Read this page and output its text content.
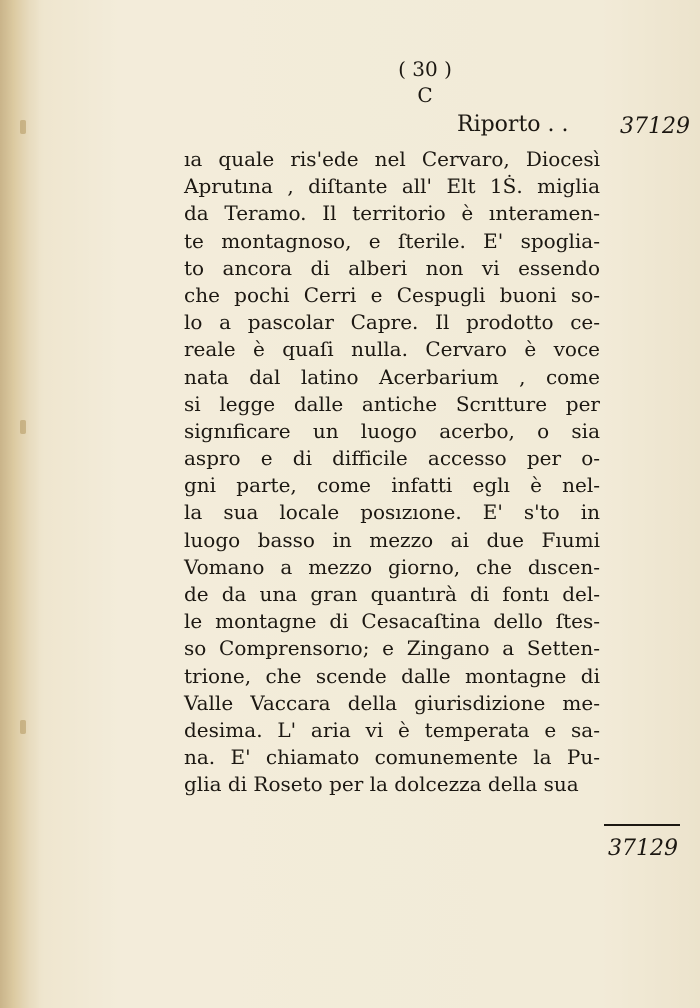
( 30 )
C
Riporto . . 37129
ıa quale ris'ede nel Cervaro, Diocesì
Aprutına , diſtante all' Elt 1Ṡ. miglia
da Teramo. Il territorio è ınteramen-
te montagnoso, e ſterile. E' spoglia-
to ancora di alberi non vi essendo
che pochi Cerri e Cespugli buoni so-
lo a pascolar Capre. Il prodotto ce-
reale è quaſi nulla. Cervaro è voce
nata dal latino Acerbarium , come
si legge dalle antiche Scrıtture per
signıficare un luogo acerbo, o sia
aspro e di difficile accesso per o-
gni parte, come infatti eglı è nel-
la sua locale posızıone. E' s'to in
luogo basso in mezzo ai due Fıumi
Vomano a mezzo giorno, che dıscen-
de da una gran quantırà di fontı del-
le montagne di Cesacaſtina dello ſtes-
so Comprensorıo; e Zingano a Setten-
trione, che scende dalle montagne di
Valle Vaccara della giurisdizione me-
desima. L' aria vi è temperata e sa-
na. E' chiamato comunemente la Pu-
glia di Roseto per la dolcezza della sua
37129
